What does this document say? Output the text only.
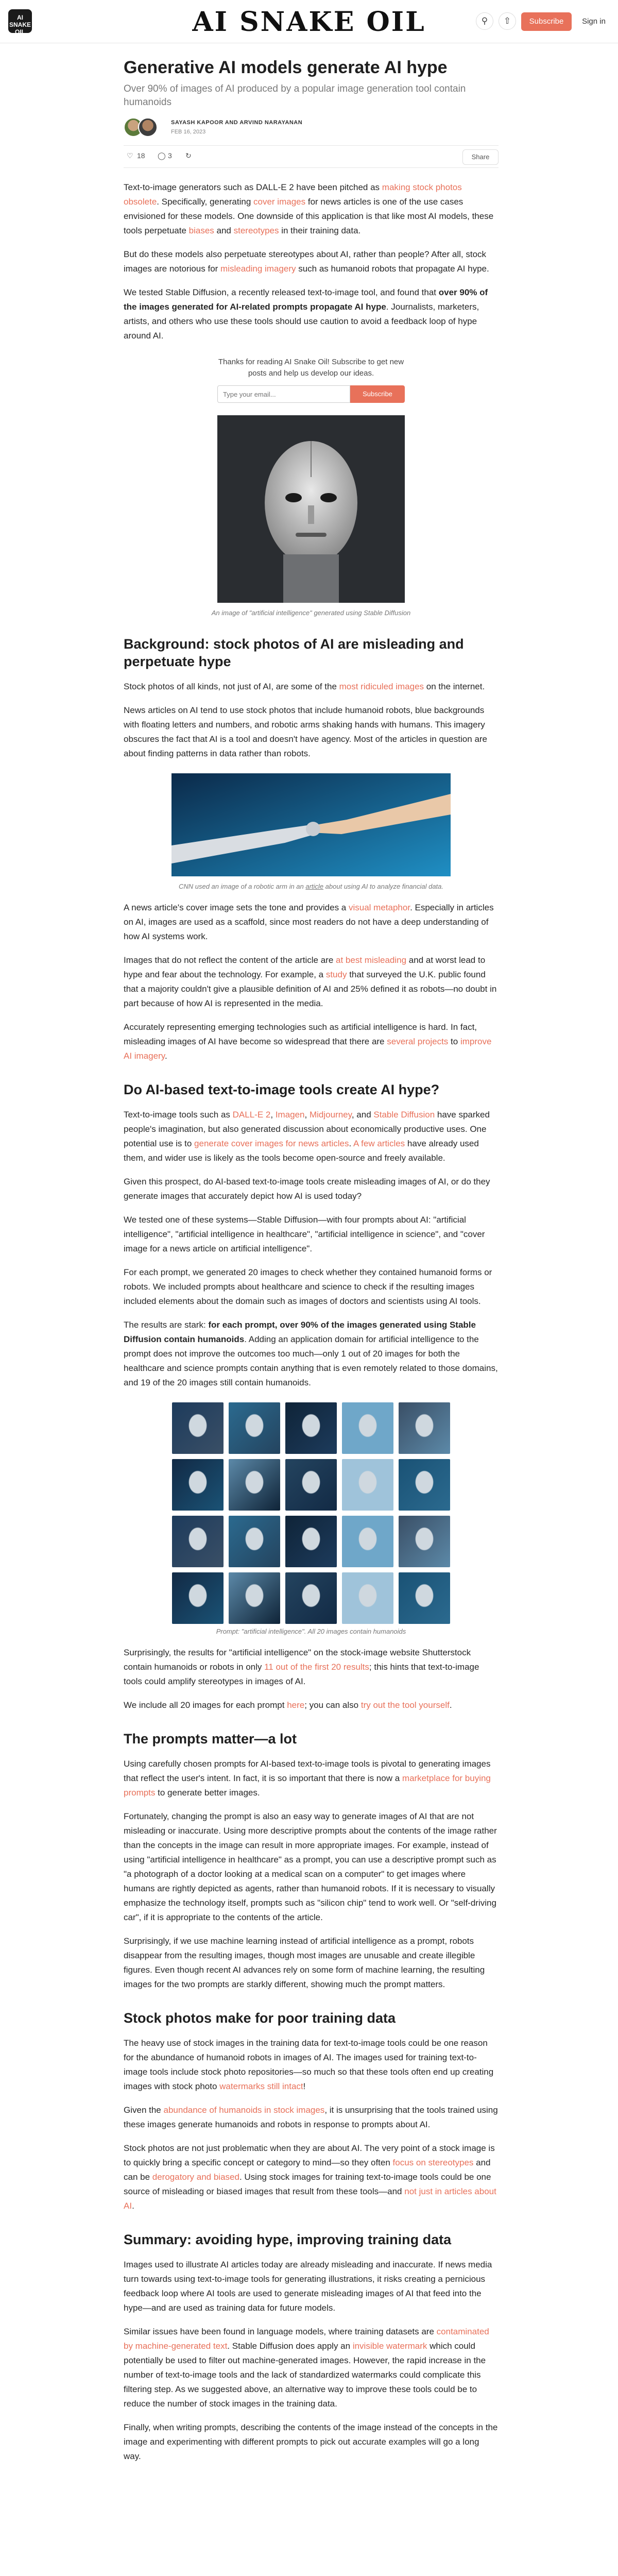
AI SNAKE OIL	AI SNAKE OIL	⚲	⇧	Subscribe	Sign in
Generative AI models generate AI hype
Over 90% of images of AI produced by a popular image generation tool contain humanoids
SAYASH KAPOOR AND ARVIND NARAYANAN
FEB 16, 2023
♡ 18 ◯ 3 ↻	Share

Text-to-image generators such as DALL-E 2 have been pitched as making stock photos obsolete. Specifically, generating cover images for news articles is one of the use cases envisioned for these models. One downside of this application is that like most AI models, these tools perpetuate biases and stereotypes in their training data.

But do these models also perpetuate stereotypes about AI, rather than people? After all, stock images are notorious for misleading imagery such as humanoid robots that propagate AI hype.

We tested Stable Diffusion, a recently released text-to-image tool, and found that over 90% of the images generated for AI-related prompts propagate AI hype. Journalists, marketers, artists, and others who use these tools should use caution to avoid a feedback loop of hype around AI.

Thanks for reading AI Snake Oil! Subscribe to get new posts and help us develop our ideas.
Type your email...
Subscribe
An image of "artificial intelligence" generated using Stable Diffusion
Background: stock photos of AI are misleading and perpetuate hype

Stock photos of all kinds, not just of AI, are some of the most ridiculed images on the internet.

News articles on AI tend to use stock photos that include humanoid robots, blue backgrounds with floating letters and numbers, and robotic arms shaking hands with humans. This imagery obscures the fact that AI is a tool and doesn't have agency. Most of the articles in question are about finding patterns in data rather than robots.

CNN used an image of a robotic arm in an article about using AI to analyze financial data.

A news article's cover image sets the tone and provides a visual metaphor. Especially in articles on AI, images are used as a scaffold, since most readers do not have a deep understanding of how AI systems work.

Images that do not reflect the content of the article are at best misleading and at worst lead to hype and fear about the technology. For example, a study that surveyed the U.K. public found that a majority couldn't give a plausible definition of AI and 25% defined it as robots—no doubt in part because of how AI is represented in the media.

Accurately representing emerging technologies such as artificial intelligence is hard. In fact, misleading images of AI have become so widespread that there are several projects to improve AI imagery.

Do AI-based text-to-image tools create AI hype?

Text-to-image tools such as DALL-E 2, Imagen, Midjourney, and Stable Diffusion have sparked people's imagination, but also generated discussion about economically productive uses. One potential use is to generate cover images for news articles. A few articles have already used them, and wider use is likely as the tools become open-source and freely available.

Given this prospect, do AI-based text-to-image tools create misleading images of AI, or do they generate images that accurately depict how AI is used today?

We tested one of these systems—Stable Diffusion—with four prompts about AI: "artificial intelligence", "artificial intelligence in healthcare", "artificial intelligence in science", and "cover image for a news article on artificial intelligence".

For each prompt, we generated 20 images to check whether they contained humanoid forms or robots. We included prompts about healthcare and science to check if the resulting images included elements about the domain such as images of doctors and scientists using AI tools.

The results are stark: for each prompt, over 90% of the images generated using Stable Diffusion contain humanoids. Adding an application domain for artificial intelligence to the prompt does not improve the outcomes too much—only 1 out of 20 images for both the healthcare and science prompts contain anything that is even remotely related to those domains, and 19 of the 20 images still contain humanoids.

Prompt: "artificial intelligence". All 20 images contain humanoids

Surprisingly, the results for "artificial intelligence" on the stock-image website Shutterstock contain humanoids or robots in only 11 out of the first 20 results; this hints that text-to-image tools could amplify stereotypes in images of AI.

We include all 20 images for each prompt here; you can also try out the tool yourself.

The prompts matter—a lot

Using carefully chosen prompts for AI-based text-to-image tools is pivotal to generating images that reflect the user's intent. In fact, it is so important that there is now a marketplace for buying prompts to generate better images.

Fortunately, changing the prompt is also an easy way to generate images of AI that are not misleading or inaccurate. Using more descriptive prompts about the contents of the image rather than the concepts in the image can result in more appropriate images. For example, instead of using "artificial intelligence in healthcare" as a prompt, you can use a descriptive prompt such as "a photograph of a doctor looking at a medical scan on a computer" to get images where humans are rightly depicted as agents, rather than humanoid robots. If it is necessary to visually emphasize the technology itself, prompts such as "silicon chip" tend to work well. Or "self-driving car", if it is appropriate to the contents of the article.

Surprisingly, if we use machine learning instead of artificial intelligence as a prompt, robots disappear from the resulting images, though most images are unusable and create illegible figures. Even though recent AI advances rely on some form of machine learning, the resulting images for the two prompts are starkly different, showing much the prompt matters.

Stock photos make for poor training data

The heavy use of stock images in the training data for text-to-image tools could be one reason for the abundance of humanoid robots in images of AI. The images used for training text-to-image tools include stock photo repositories—so much so that these tools often end up creating images with stock photo watermarks still intact!

Given the abundance of humanoids in stock images, it is unsurprising that the tools trained using these images generate humanoids and robots in response to prompts about AI.

Stock photos are not just problematic when they are about AI. The very point of a stock image is to quickly bring a specific concept or category to mind—so they often focus on stereotypes and can be derogatory and biased. Using stock images for training text-to-image tools could be one source of misleading or biased images that result from these tools—and not just in articles about AI.

Summary: avoiding hype, improving training data

Images used to illustrate AI articles today are already misleading and inaccurate. If news media turn towards using text-to-image tools for generating illustrations, it risks creating a pernicious feedback loop where AI tools are used to generate misleading images of AI that feed into the hype—and are used as training data for future models.

Similar issues have been found in language models, where training datasets are contaminated by machine-generated text. Stable Diffusion does apply an invisible watermark which could potentially be used to filter out machine-generated images. However, the rapid increase in the number of text-to-image tools and the lack of standardized watermarks could complicate this filtering step. As we suggested above, an alternative way to improve these tools could be to reduce the number of stock images in the training data.

Finally, when writing prompts, describing the contents of the image instead of the concepts in the image and experimenting with different prompts to pick out accurate examples will go a long way.
